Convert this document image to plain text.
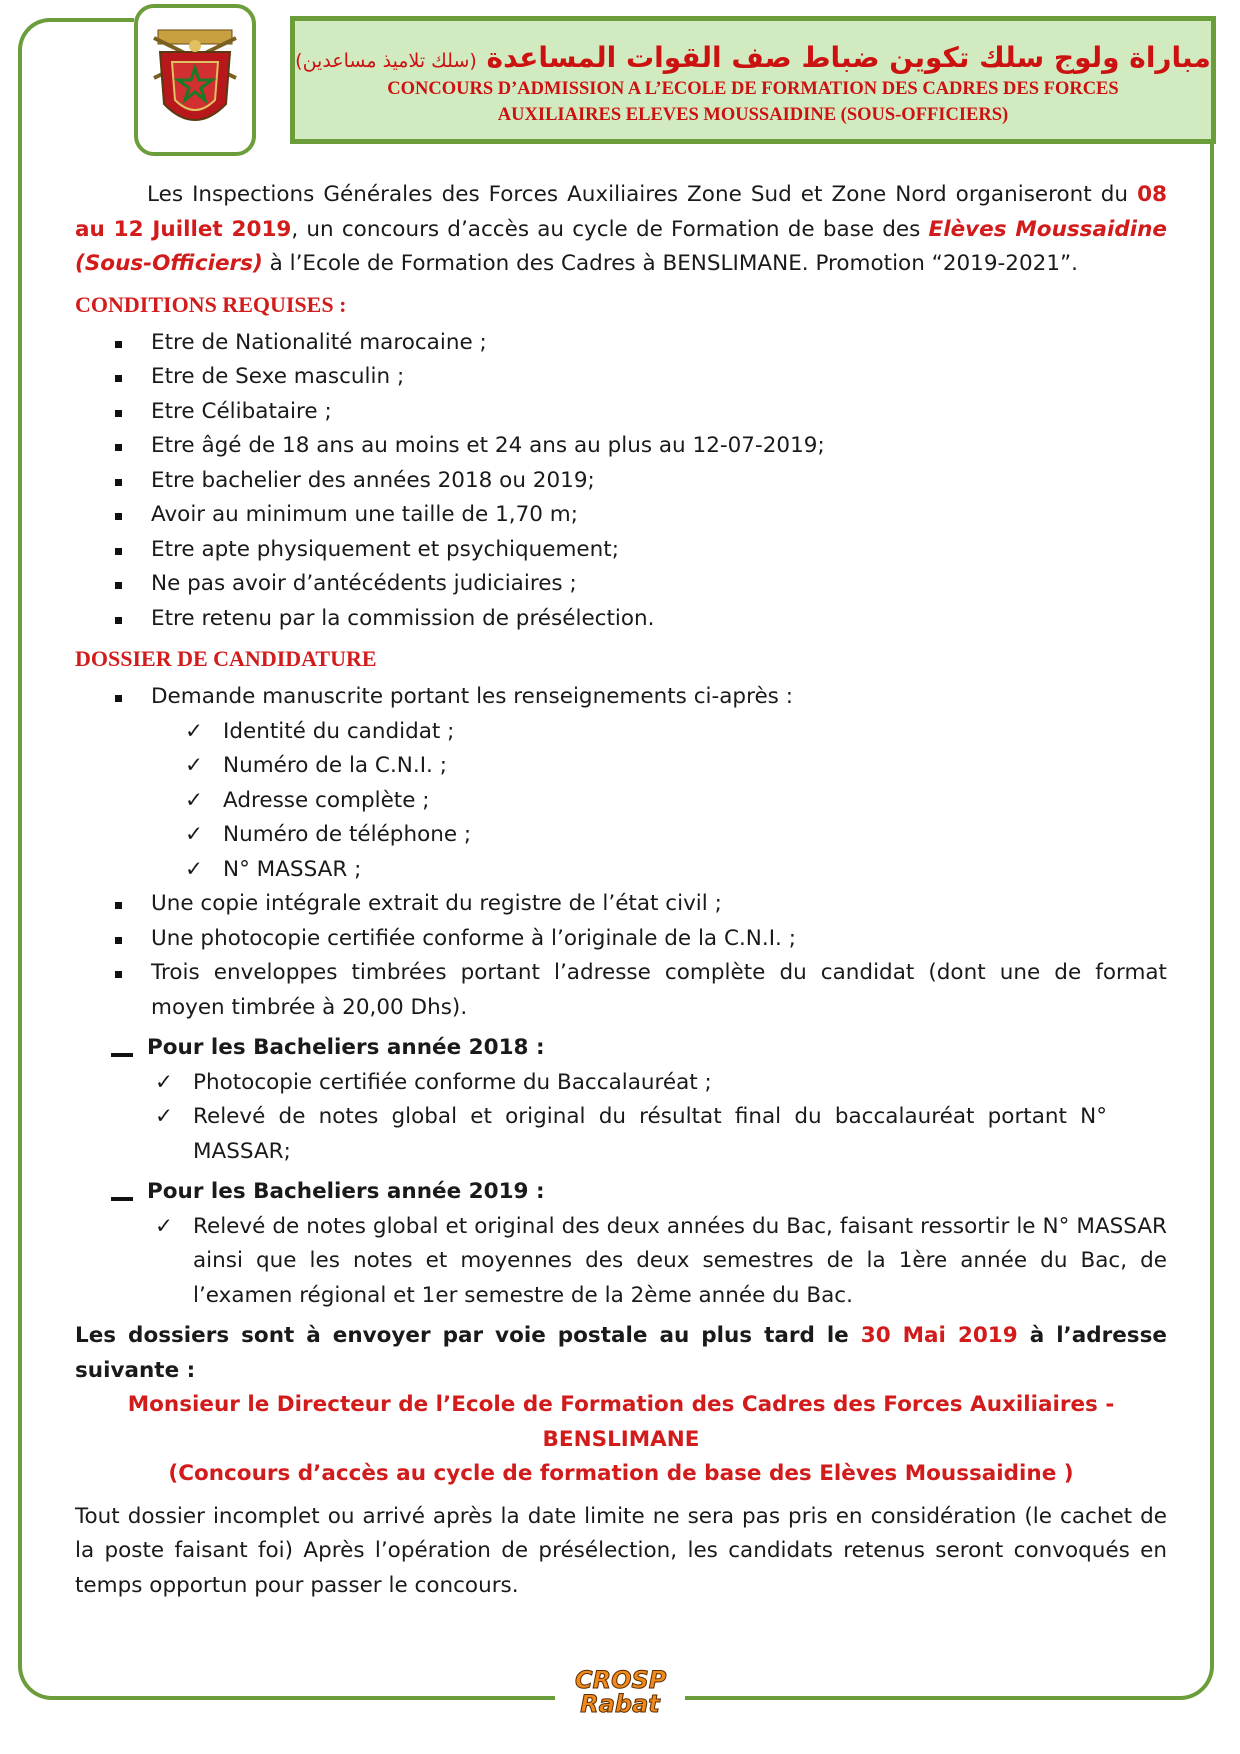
مباراة ولوج سلك تكوين ضباط صف القوات المساعدة (سلك تلاميذ مساعدين)
CONCOURS D’ADMISSION A L’ECOLE DE FORMATION DES CADRES DES FORCES
AUXILIAIRES ELEVES MOUSSAIDINE (SOUS-OFFICIERS)

Les Inspections Générales des Forces Auxiliaires Zone Sud et Zone Nord organiseront du 08 au 12 Juillet 2019, un concours d’accès au cycle de Formation de base des Elèves Moussaidine (Sous-Officiers) à l’Ecole de Formation des Cadres à BENSLIMANE. Promotion “2019-2021”.

CONDITIONS REQUISES :
Etre de Nationalité marocaine ;
Etre de Sexe masculin ;
Etre Célibataire ;
Etre âgé de 18 ans au moins et 24 ans au plus au 12-07-2019;
Etre bachelier des années 2018 ou 2019;
Avoir au minimum une taille de 1,70 m;
Etre apte physiquement et psychiquement;
Ne pas avoir d’antécédents judiciaires ;
Etre retenu par la commission de présélection.
DOSSIER DE CANDIDATURE
Demande manuscrite portant les renseignements ci-après :
✓ Identité du candidat ;
✓ Numéro de la C.N.I. ;
✓ Adresse complète ;
✓ Numéro de téléphone ;
✓ N° MASSAR ;
Une copie intégrale extrait du registre de l’état civil ;
Une photocopie certifiée conforme à l’originale de la C.N.I. ;
Trois enveloppes timbrées portant l’adresse complète du candidat (dont une de format moyen timbrée à 20,00 Dhs).
Pour les Bacheliers année 2018 :
✓ Photocopie certifiée conforme du Baccalauréat ;
✓ Relevé de notes global et original du résultat final du baccalauréat portant N° MASSAR;
Pour les Bacheliers année 2019 :
✓ Relevé de notes global et original des deux années du Bac, faisant ressortir le N° MASSAR ainsi que les notes et moyennes des deux semestres de la 1ère année du Bac, de l’examen régional et 1er semestre de la 2ème année du Bac.

Les dossiers sont à envoyer par voie postale au plus tard le 30 Mai 2019 à l’adresse suivante :

Monsieur le Directeur de l’Ecole de Formation des Cadres des Forces Auxiliaires - BENSLIMANE
(Concours d’accès au cycle de formation de base des Elèves Moussaidine )

Tout dossier incomplet ou arrivé après la date limite ne sera pas pris en considération (le cachet de la poste faisant foi) Après l’opération de présélection, les candidats retenus seront convoqués en temps opportun pour passer le concours.

CROSP
Rabat
